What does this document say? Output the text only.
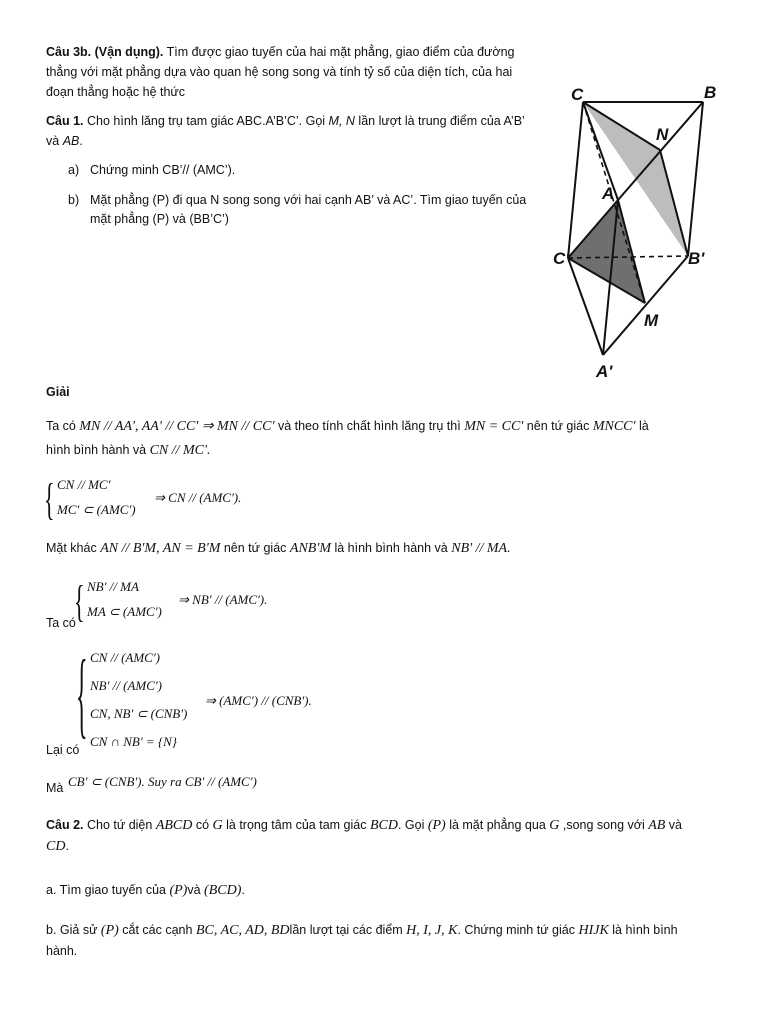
Câu 3b. (Vận dụng). Tìm được giao tuyến của hai mặt phẳng, giao điểm của đường
thẳng với mặt phẳng dựa vào quan hệ song song và tính tỷ số của diện tích, của hai
đoạn thẳng hoặc hệ thức
Câu 1. Cho hình lăng trụ tam giác ABC.A’B’C’. Gọi M, N lần lượt là trung điểm của A’B’
và AB.
a) Chứng minh CB’// (AMC’).
b) Mặt phẳng (P) đi qua N song song với hai cạnh AB’ và AC’. Tìm giao tuyến của
mặt phẳng (P) và (BB’C’)
C	B
N
A
C'	B'
M
A'
Giải
Ta có MN // AA', AA' // CC' ⇒ MN // CC' và theo tính chất hình lăng trụ thì MN = CC' nên tứ giác MNCC' là
hình bình hành và CN // MC'.
{ CN // MC'
MC' ⊂ (AMC')
⇒ CN // (AMC').
Mặt khác AN // B'M, AN = B'M nên tứ giác ANB'M là hình bình hành và NB' // MA.
Ta có
{ NB' // MA
MA ⊂ (AMC')
⇒ NB' // (AMC').
Lại có
{ CN // (AMC')
NB' // (AMC')
CN, NB' ⊂ (CNB')
CN ∩ NB' = {N}
⇒ (AMC') // (CNB').
Mà CB' ⊂ (CNB'). Suy ra CB' // (AMC')
Câu 2. Cho tứ diện ABCD có G là trọng tâm của tam giác BCD. Gọi (P) là mặt phẳng qua G ,song song với AB và
CD.
a. Tìm giao tuyến của (P)và (BCD).
b. Giả sử (P) cắt các cạnh BC, AC, AD, BDlần lượt tại các điểm H, I, J, K. Chứng minh tứ giác HIJK là hình bình
hành.
